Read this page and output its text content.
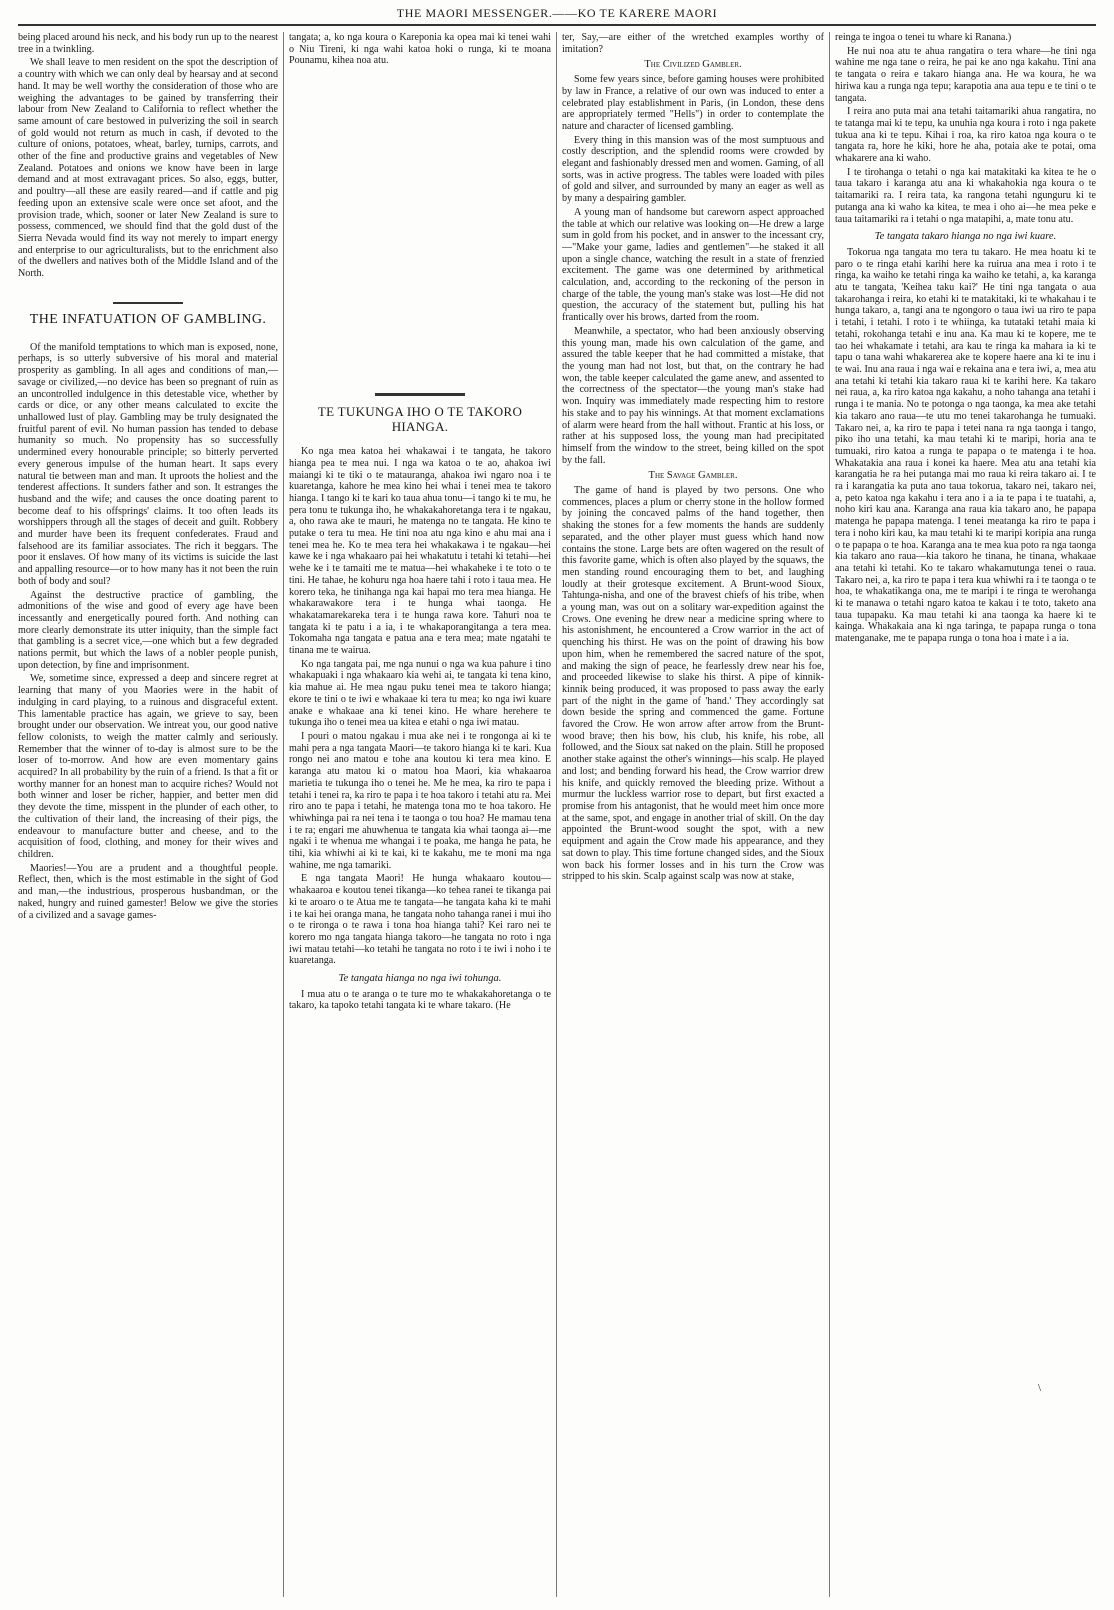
THE MAORI MESSENGER.——KO TE KARERE MAORI

being placed around his neck, and his body run up to the nearest tree in a twinkling.

We shall leave to men resident on the spot the description of a country with which we can only deal by hearsay and at second hand. It may be well worthy the consideration of those who are weighing the advantages to be gained by transferring their labour from New Zealand to California to reflect whether the same amount of care bestowed in pulverizing the soil in search of gold would not return as much in cash, if devoted to the culture of onions, potatoes, wheat, barley, turnips, carrots, and other of the fine and productive grains and vegetables of New Zealand. Potatoes and onions we know have been in large demand and at most extravagant prices. So also, eggs, butter, and poultry—all these are easily reared—and if cattle and pig feeding upon an extensive scale were once set afoot, and the provision trade, which, sooner or later New Zealand is sure to possess, commenced, we should find that the gold dust of the Sierra Nevada would find its way not merely to impart energy and enterprise to our agriculturalists, but to the enrichment also of the dwellers and natives both of the Middle Island and of the North.

THE INFATUATION OF GAMBLING.

Of the manifold temptations to which man is exposed, none, perhaps, is so utterly subversive of his moral and material prosperity as gambling. In all ages and conditions of man,—savage or civilized,—no device has been so pregnant of ruin as an uncontrolled indulgence in this detestable vice, whether by cards or dice, or any other means calculated to excite the unhallowed lust of play. Gambling may be truly designated the fruitful parent of evil. No human passion has tended to debase humanity so much. No propensity has so successfully undermined every honourable principle; so bitterly perverted every generous impulse of the human heart. It saps every natural tie between man and man. It uproots the holiest and the tenderest affections. It sunders father and son. It estranges the husband and the wife; and causes the once doating parent to become deaf to his offsprings' claims. It too often leads its worshippers through all the stages of deceit and guilt. Robbery and murder have been its frequent confederates. Fraud and falsehood are its familiar associates. The rich it beggars. The poor it enslaves. Of how many of its victims is suicide the last and appalling resource—or to how many has it not been the ruin both of body and soul?

Against the destructive practice of gambling, the admonitions of the wise and good of every age have been incessantly and energetically poured forth. And nothing can more clearly demonstrate its utter iniquity, than the simple fact that gambling is a secret vice,—one which but a few degraded nations permit, but which the laws of a nobler people punish, upon detection, by fine and imprisonment.

We, sometime since, expressed a deep and sincere regret at learning that many of you Maories were in the habit of indulging in card playing, to a ruinous and disgraceful extent. This lamentable practice has again, we grieve to say, been brought under our observation. We intreat you, our good native fellow colonists, to weigh the matter calmly and seriously. Remember that the winner of to-day is almost sure to be the loser of to-morrow. And how are even momentary gains acquired? In all probability by the ruin of a friend. Is that a fit or worthy manner for an honest man to acquire riches? Would not both winner and loser be richer, happier, and better men did they devote the time, misspent in the plunder of each other, to the cultivation of their land, the increasing of their pigs, the endeavour to manufacture butter and cheese, and to the acquisition of food, clothing, and money for their wives and children.

Maories!—You are a prudent and a thoughtful people. Reflect, then, which is the most estimable in the sight of God and man,—the industrious, prosperous husbandman, or the naked, hungry and ruined gamester! Below we give the stories of a civilized and a savage games-

tangata; a, ko nga koura o Kareponia ka opea mai ki tenei wahi o Niu Tireni, ki nga wahi katoa hoki o runga, ki te moana Pounamu, kihea noa atu.

TE TUKUNGA IHO O TE TAKORO HIANGA.

Ko nga mea katoa hei whakawai i te tangata, he takoro hianga pea te mea nui. I nga wa katoa o te ao, ahakoa iwi maiangi ki te tiki o te matauranga, ahakoa iwi ngaro noa i te kuaretanga, kahore he mea kino hei whai i tenei mea te takoro hianga. I tango ki te kari ko taua ahua tonu—i tango ki te mu, he pera tonu te tukunga iho, he whakakahoretanga tera i te ngakau, a, oho rawa ake te mauri, he matenga no te tangata. He kino te putake o tera tu mea. He tini noa atu nga kino e ahu mai ana i tenei mea he. Ko te mea tera hei whakakawa i te ngakau—hei kawe ke i nga whakaaro pai hei whakatutu i tetahi ki tetahi—hei wehe ke i te tamaiti me te matua—hei whakaheke i te toto o te tini. He tahae, he kohuru nga hoa haere tahi i roto i taua mea. He korero teka, he tinihanga nga kai hapai mo tera mea hianga. He whakarawakore tera i te hunga whai taonga. He whakatamarekareka tera i te hunga rawa kore. Tahuri noa te tangata ki te patu i a ia, i te whakaporangitanga a tera mea. Tokomaha nga tangata e patua ana e tera mea; mate ngatahi te tinana me te wairua.

Ko nga tangata pai, me nga nunui o nga wa kua pahure i tino whakapuaki i nga whakaaro kia wehi ai, te tangata ki tena kino, kia mahue ai. He mea ngau puku tenei mea te takoro hianga; ekore te tini o te iwi e whakaae ki tera tu mea; ko nga iwi kuare anake e whakaae ana ki tenei kino. He whare herehere te tukunga iho o tenei mea ua kitea e etahi o nga iwi matau.

I pouri o matou ngakau i mua ake nei i te rongonga ai ki te mahi pera a nga tangata Maori—te takoro hianga ki te kari. Kua rongo nei ano matou e tohe ana koutou ki tera mea kino. E karanga atu matou ki o matou hoa Maori, kia whakaaroa marietia te tukunga iho o tenei he. Me he mea, ka riro te papa i tetahi i tenei ra, ka riro te papa i te hoa takoro i tetahi atu ra. Mei riro ano te papa i tetahi, he matenga tona mo te hoa takoro. He whiwhinga pai ra nei tena i te taonga o tou hoa? He mamau tena i te ra; engari me ahuwhenua te tangata kia whai taonga ai—me ngaki i te whenua me whangai i te poaka, me hanga he pata, he tihi, kia whiwhi ai ki te kai, ki te kakahu, me te moni ma nga wahine, me nga tamariki.

E nga tangata Maori! He hunga whakaaro koutou—whakaaroa e koutou tenei tikanga—ko tehea ranei te tikanga pai ki te aroaro o te Atua me te tangata—he tangata kaha ki te mahi i te kai hei oranga mana, he tangata noho tahanga ranei i mui iho o te rironga o te rawa i tona hoa hianga tahi? Kei raro nei te korero mo nga tangata hianga takoro—he tangata no roto i nga iwi matau tetahi—ko tetahi he tangata no roto i te iwi i noho i te kuaretanga.

Te tangata hianga no nga iwi tohunga.

I mua atu o te aranga o te ture mo te whakakahoretanga o te takaro, ka tapoko tetahi tangata ki te whare takaro. (He

ter, Say,—are either of the wretched examples worthy of imitation?

The Civilized Gambler.

Some few years since, before gaming houses were prohibited by law in France, a relative of our own was induced to enter a celebrated play establishment in Paris, (in London, these dens are appropriately termed "Hells") in order to contemplate the nature and character of licensed gambling.

Every thing in this mansion was of the most sumptuous and costly description, and the splendid rooms were crowded by elegant and fashionably dressed men and women. Gaming, of all sorts, was in active progress. The tables were loaded with piles of gold and silver, and surrounded by many an eager as well as by many a despairing gambler.

A young man of handsome but careworn aspect approached the table at which our relative was looking on—He drew a large sum in gold from his pocket, and in answer to the incessant cry,—"Make your game, ladies and gentlemen"—he staked it all upon a single chance, watching the result in a state of frenzied excitement. The game was one determined by arithmetical calculation, and, according to the reckoning of the person in charge of the table, the young man's stake was lost—He did not question, the accuracy of the statement but, pulling his hat frantically over his brows, darted from the room.

Meanwhile, a spectator, who had been anxiously observing this young man, made his own calculation of the game, and assured the table keeper that he had committed a mistake, that the young man had not lost, but that, on the contrary he had won, the table keeper calculated the game anew, and assented to the correctness of the spectator—the young man's stake had won. Inquiry was immediately made respecting him to restore his stake and to pay his winnings. At that moment exclamations of alarm were heard from the hall without. Frantic at his loss, or rather at his supposed loss, the young man had precipitated himself from the window to the street, being killed on the spot by the fall.

The Savage Gambler.

The game of hand is played by two persons. One who commences, places a plum or cherry stone in the hollow formed by joining the concaved palms of the hand together, then shaking the stones for a few moments the hands are suddenly separated, and the other player must guess which hand now contains the stone. Large bets are often wagered on the result of this favorite game, which is often also played by the squaws, the men standing round encouraging them to bet, and laughing loudly at their grotesque excitement. A Brunt-wood Sioux, Tahtunga-nisha, and one of the bravest chiefs of his tribe, when a young man, was out on a solitary war-expedition against the Crows. One evening he drew near a medicine spring where to his astonishment, he encountered a Crow warrior in the act of quenching his thirst. He was on the point of drawing his bow upon him, when he remembered the sacred nature of the spot, and making the sign of peace, he fearlessly drew near his foe, and proceeded likewise to slake his thirst. A pipe of kinnik-kinnik being produced, it was proposed to pass away the early part of the night in the game of 'hand.' They accordingly sat down beside the spring and commenced the game. Fortune favored the Crow. He won arrow after arrow from the Brunt-wood brave; then his bow, his club, his knife, his robe, all followed, and the Sioux sat naked on the plain. Still he proposed another stake against the other's winnings—his scalp. He played and lost; and bending forward his head, the Crow warrior drew his knife, and quickly removed the bleeding prize. Without a murmur the luckless warrior rose to depart, but first exacted a promise from his antagonist, that he would meet him once more at the same, spot, and engage in another trial of skill. On the day appointed the Brunt-wood sought the spot, with a new equipment and again the Crow made his appearance, and they sat down to play. This time fortune changed sides, and the Sioux won back his former losses and in his turn the Crow was stripped to his skin. Scalp against scalp was now at stake,

reinga te ingoa o tenei tu whare ki Ranana.)

He nui noa atu te ahua rangatira o tera whare—he tini nga wahine me nga tane o reira, he pai ke ano nga kakahu. Tini ana te tangata o reira e takaro hianga ana. He wa koura, he wa hiriwa kau a runga nga tepu; karapotia ana aua tepu e te tini o te tangata.

I reira ano puta mai ana tetahi taitamariki ahua rangatira, no te tatanga mai ki te tepu, ka unuhia nga koura i roto i nga pakete tukua ana ki te tepu. Kihai i roa, ka riro katoa nga koura o te tangata ra, hore he kiki, hore he aha, potaia ake te potai, oma whakarere ana ki waho.

I te tirohanga o tetahi o nga kai matakitaki ka kitea te he o taua takaro i karanga atu ana ki whakahokia nga koura o te taitamariki ra. I reira tata, ka rangona tetahi ngunguru ki te putanga ana ki waho ka kitea, te mea i oho ai—he mea peke e taua taitamariki ra i tetahi o nga matapihi, a, mate tonu atu.

Te tangata takaro hianga no nga iwi kuare.

Tokorua nga tangata mo tera tu takaro. He mea hoatu ki te paro o te ringa etahi karihi here ka ruirua ana mea i roto i te ringa, ka waiho ke tetahi ringa ka waiho ke tetahi, a, ka karanga atu te tangata, 'Keihea taku kai?' He tini nga tangata o aua takarohanga i reira, ko etahi ki te matakitaki, ki te whakahau i te hunga takaro, a, tangi ana te ngongoro o taua iwi ua riro te papa i tetahi, i tetahi. I roto i te whiinga, ka tutataki tetahi maia ki tetahi, rokohanga tetahi e inu ana. Ka mau ki te kopere, me te tao hei whakamate i tetahi, ara kau te ringa ka mahara ia ki te tapu o tana wahi whakarerea ake te kopere haere ana ki te inu i te wai. Inu ana raua i nga wai e rekaina ana e tera iwi, a, mea atu ana tetahi ki tetahi kia takaro raua ki te karihi here. Ka takaro nei raua, a, ka riro katoa nga kakahu, a noho tahanga ana tetahi i runga i te mania. No te potonga o nga taonga, ka mea ake tetahi kia takaro ano raua—te utu mo tenei takarohanga he tumuaki. Takaro nei, a, ka riro te papa i tetei nana ra nga taonga i tango, piko iho una tetahi, ka mau tetahi ki te maripi, horia ana te tumuaki, riro katoa a runga te papapa o te matenga i te hoa. Whakatakia ana raua i konei ka haere. Mea atu ana tetahi kia karangatia he ra hei putanga mai mo raua ki reira takaro ai. I te ra i karangatia ka puta ano taua tokorua, takaro nei, takaro nei, a, peto katoa nga kakahu i tera ano i a ia te papa i te tuatahi, a, noho kiri kau ana. Karanga ana raua kia takaro ano, he papapa matenga he papapa matenga. I tenei meatanga ka riro te papa i tera i noho kiri kau, ka mau tetahi ki te maripi koripia ana runga o te papapa o te hoa. Karanga ana te mea kua poto ra nga taonga kia takaro ano raua—kia takoro he tinana, he tinana, whakaae ana tetahi ki tetahi. Ko te takaro whakamutunga tenei o raua. Takaro nei, a, ka riro te papa i tera kua whiwhi ra i te taonga o te hoa, te whakatikanga ona, me te maripi i te ringa te werohanga ki te manawa o tetahi ngaro katoa te kakau i te toto, taketo ana taua tupapaku. Ka mau tetahi ki ana taonga ka haere ki te kainga. Whakakaia ana ki nga taringa, te papapa runga o tona matenganake, me te papapa runga o tona hoa i mate i a ia.

\
